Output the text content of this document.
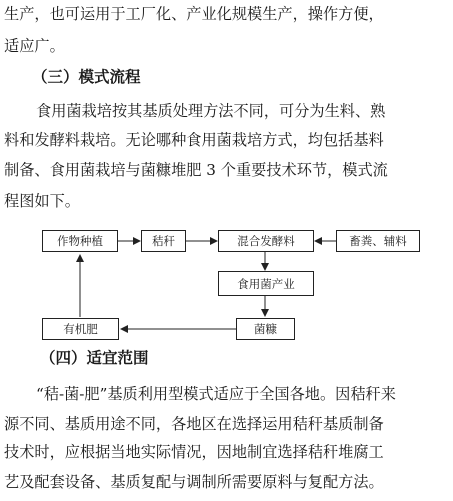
生产，也可运用于工厂化、产业化规模生产，操作方便，
适应广。
（三）模式流程
食用菌栽培按其基质处理方法不同，可分为生料、熟
料和发酵料栽培。无论哪种食用菌栽培方式，均包括基料
制备、食用菌栽培与菌糠堆肥 3 个重要技术环节，模式流
程图如下。
作物种植	秸秆	混合发酵料	畜粪、辅料
食用菌产业
有机肥	菌糠
（四）适宜范围
“秸-菌-肥”基质利用型模式适应于全国各地。因秸秆来
源不同、基质用途不同，各地区在选择运用秸秆基质制备
技术时，应根据当地实际情况，因地制宜选择秸秆堆腐工
艺及配套设备、基质复配与调制所需要原料与复配方法。
